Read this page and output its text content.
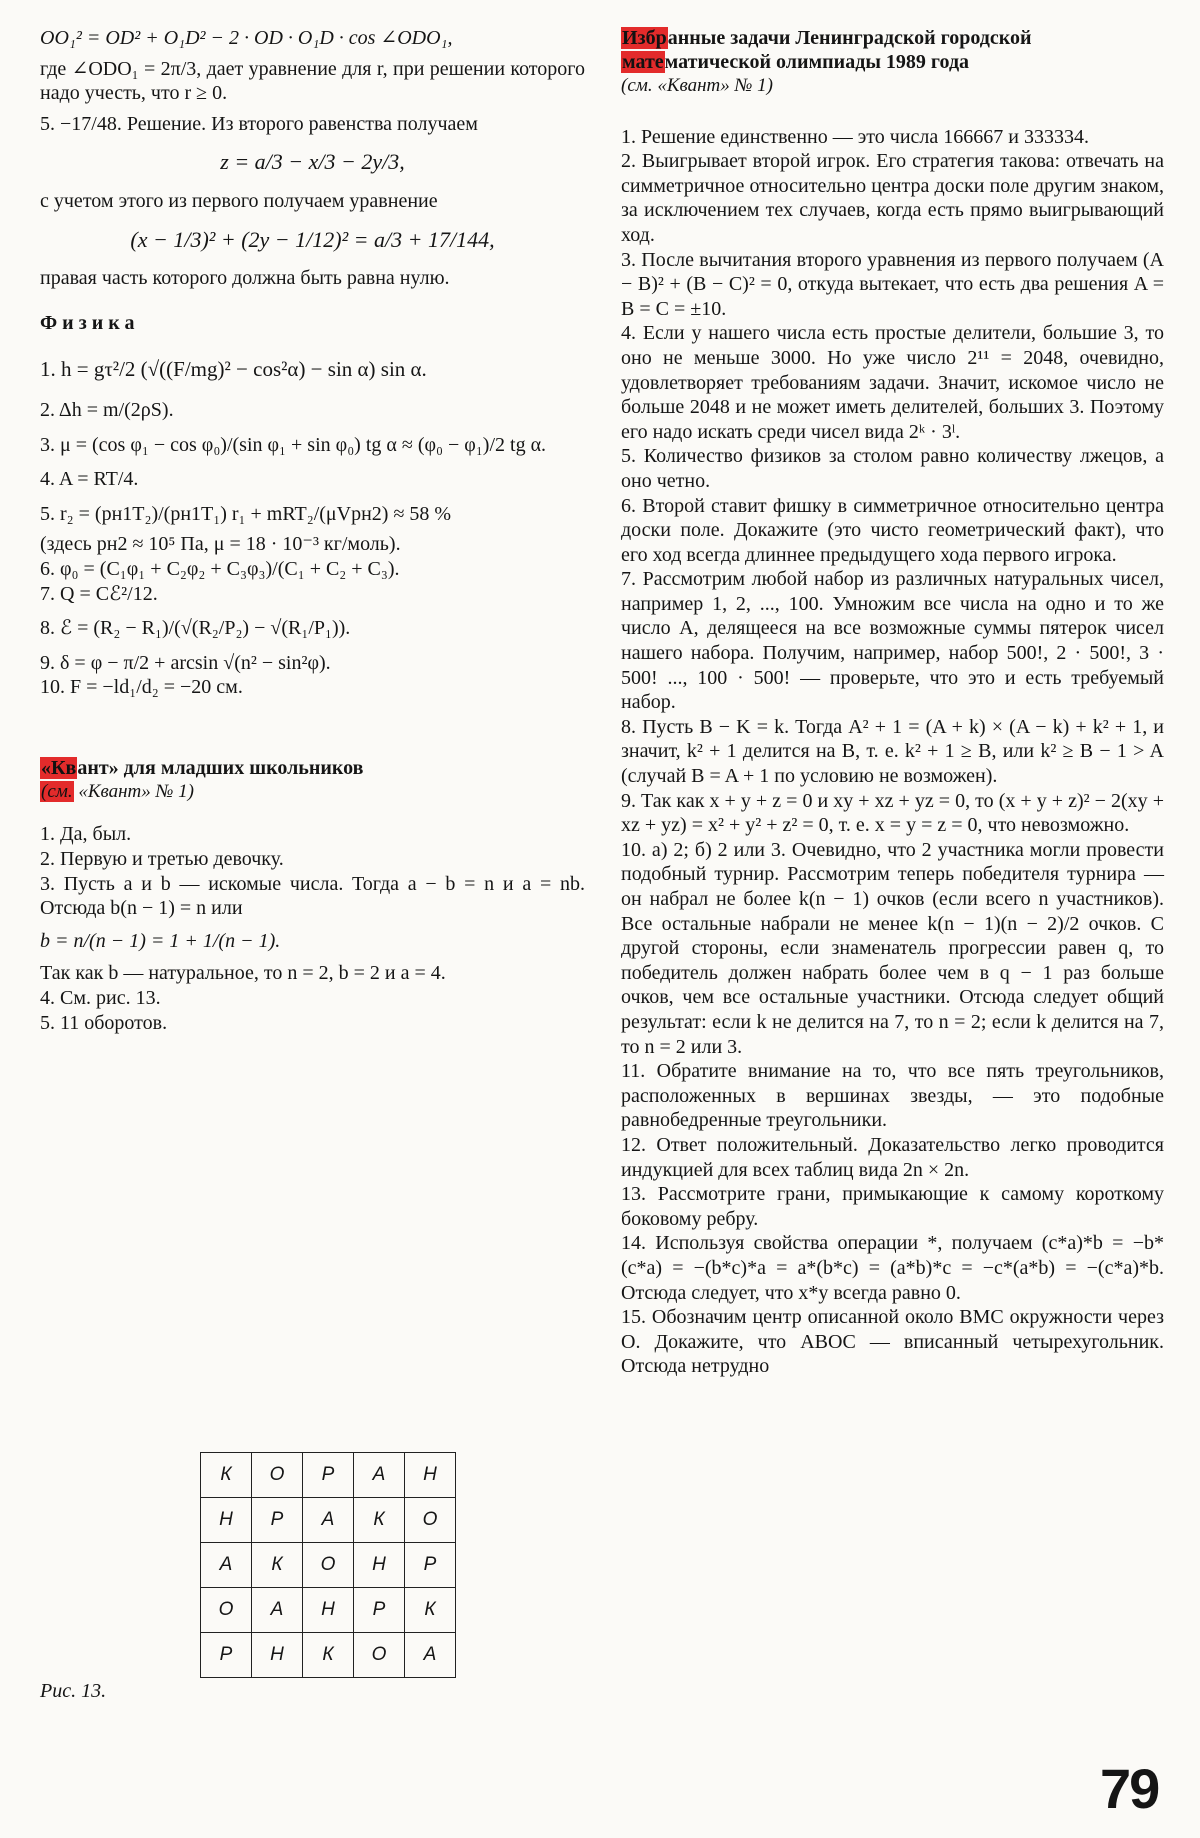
OO₁² = OD² + O₁D² − 2 · OD · O₁D · cos ∠ODO₁,

где ∠ODO₁ = 2π/3, дает уравнение для r, при решении которого надо учесть, что r ≥ 0.

5. −17/48. Решение. Из второго равенства получаем

z = a/3 − x/3 − 2y/3,

с учетом этого из первого получаем уравнение

(x − 1/3)² + (2y − 1/12)² = a/3 + 17/144,

правая часть которого должна быть равна нулю.

Физика

1. h = gτ²/2 (√((F/mg)² − cos²α) − sin α) sin α.

2. Δh = m/(2ρS).

3. μ = (cos φ₁ − cos φ₀)/(sin φ₁ + sin φ₀) tg α ≈ (φ₀ − φ₁)/2 tg α.

4. A = RT/4.

5. r₂ = (pн1T₂)/(pн1T₁) r₁ + mRT₂/(μVpн2) ≈ 58 %

(здесь pн2 ≈ 10⁵ Па, μ = 18 · 10⁻³ кг/моль).

6. φ₀ = (C₁φ₁ + C₂φ₂ + C₃φ₃)/(C₁ + C₂ + C₃).

7. Q = Cℰ²/12.

8. ℰ = (R₂ − R₁)/(√(R₂/P₂) − √(R₁/P₁)).

9. δ = φ − π/2 + arcsin √(n² − sin²φ).

10. F = −ld₁/d₂ = −20 см.

«Квант» для младших школьников

(см. «Квант» № 1)

1. Да, был.

2. Первую и третью девочку.

3. Пусть a и b — искомые числа. Тогда a − b = n и a = nb. Отсюда b(n − 1) = n или

b = n/(n − 1) = 1 + 1/(n − 1).

Так как b — натуральное, то n = 2, b = 2 и a = 4.

4. См. рис. 13.

5. 11 оборотов.

К	О	Р	А	Н
Н	Р	А	К	О
А	К	О	Н	Р
О	А	Н	Р	К
Р	Н	К	О	А
Рис. 13.

Избранные задачи Ленинградской городской

математической олимпиады 1989 года

(см. «Квант» № 1)

1. Решение единственно — это числа 166667 и 333334.

2. Выигрывает второй игрок. Его стратегия такова: отвечать на симметричное относительно центра доски поле другим знаком, за исключением тех случаев, когда есть прямо выигрывающий ход.

3. После вычитания второго уравнения из первого получаем (A − B)² + (B − C)² = 0, откуда вытекает, что есть два решения A = B = C = ±10.

4. Если у нашего числа есть простые делители, большие 3, то оно не меньше 3000. Но уже число 2¹¹ = 2048, очевидно, удовлетворяет требованиям задачи. Значит, искомое число не больше 2048 и не может иметь делителей, больших 3. Поэтому его надо искать среди чисел вида 2ᵏ · 3ˡ.

5. Количество физиков за столом равно количеству лжецов, а оно четно.

6. Второй ставит фишку в симметричное относительно центра доски поле. Докажите (это чисто геометрический факт), что его ход всегда длиннее предыдущего хода первого игрока.

7. Рассмотрим любой набор из различных натуральных чисел, например 1, 2, ..., 100. Умножим все числа на одно и то же число A, делящееся на все возможные суммы пятерок чисел нашего набора. Получим, например, набор 500!, 2 · 500!, 3 · 500! ..., 100 · 500! — проверьте, что это и есть требуемый набор.

8. Пусть B − K = k. Тогда A² + 1 = (A + k) × (A − k) + k² + 1, и значит, k² + 1 делится на B, т. е. k² + 1 ≥ B, или k² ≥ B − 1 > A (случай B = A + 1 по условию не возможен).

9. Так как x + y + z = 0 и xy + xz + yz = 0, то (x + y + z)² − 2(xy + xz + yz) = x² + y² + z² = 0, т. е. x = y = z = 0, что невозможно.

10. а) 2; б) 2 или 3. Очевидно, что 2 участника могли провести подобный турнир. Рассмотрим теперь победителя турнира — он набрал не более k(n − 1) очков (если всего n участников). Все остальные набрали не менее k(n − 1)(n − 2)/2 очков. С другой стороны, если знаменатель прогрессии равен q, то победитель должен набрать более чем в q − 1 раз больше очков, чем все остальные участники. Отсюда следует общий результат: если k не делится на 7, то n = 2; если k делится на 7, то n = 2 или 3.

11. Обратите внимание на то, что все пять треугольников, расположенных в вершинах звезды, — это подобные равнобедренные треугольники.

12. Ответ положительный. Доказательство легко проводится индукцией для всех таблиц вида 2n × 2n.

13. Рассмотрите грани, примыкающие к самому короткому боковому ребру.

14. Используя свойства операции *, получаем (c*a)*b = −b*(c*a) = −(b*c)*a = a*(b*c) = (a*b)*c = −c*(a*b) = −(c*a)*b. Отсюда следует, что x*y всегда равно 0.

15. Обозначим центр описанной около BMC окружности через O. Докажите, что ABOC — вписанный четырехугольник. Отсюда нетрудно

79
